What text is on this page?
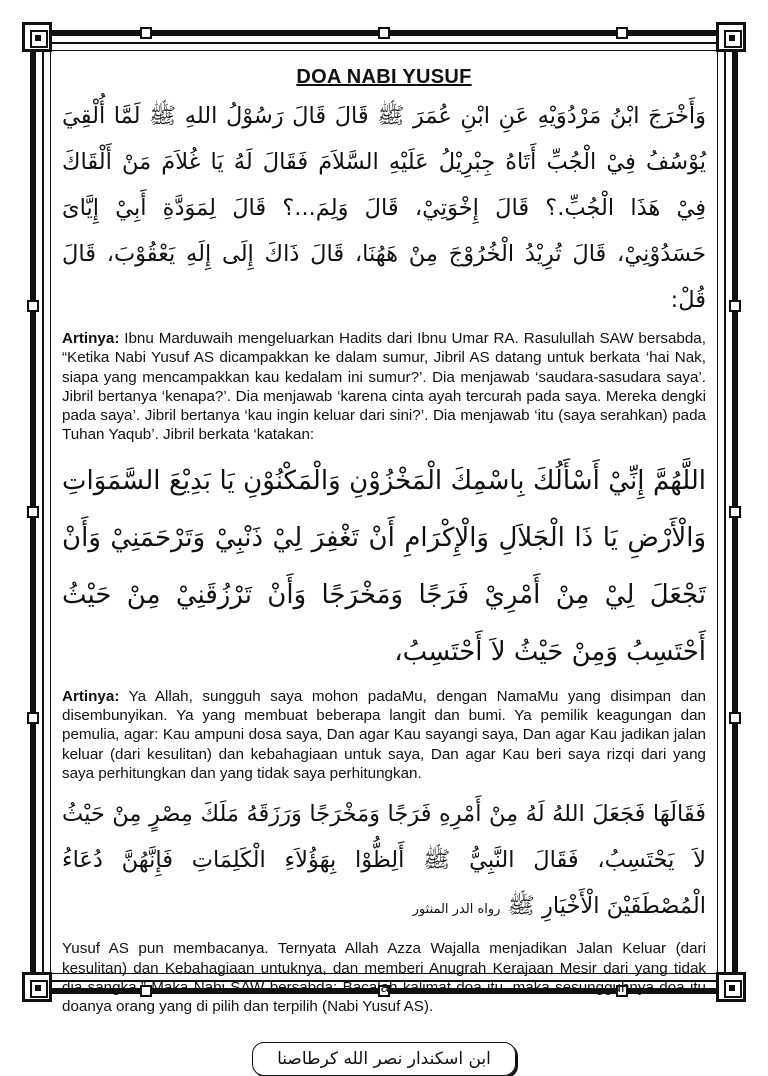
DOA NABI YUSUF

وَأَخْرَجَ ابْنُ مَرْدُوَيْهِ عَنِ ابْنِ عُمَرَ ﷺ قَالَ قَالَ رَسُوْلُ اللهِ ﷺ لَمَّا أُلْقِيَ يُوْسُفُ فِيْ الْجُبِّ أَتَاهُ جِبْرِيْلُ عَلَيْهِ السَّلاَمَ فَقَالَ لَهُ يَا غُلاَمَ مَنْ أَلْقَاكَ فِيْ هَذَا الْجُبِّ.؟ قَالَ إِخْوَتِيْ، قَالَ وَلِمَ...؟ قَالَ لِمَوَدَّةِ أَبِيْ إِيَّاىَ حَسَدُوْنِيْ، قَالَ تُرِيْدُ الْخُرُوْجَ مِنْ هَهُنَا، قَالَ ذَاكَ إِلَى إِلَهِ يَعْقُوْبَ، قَالَ قُلْ:

Artinya: Ibnu Marduwaih mengeluarkan Hadits dari Ibnu Umar RA. Rasulullah SAW bersabda, “Ketika Nabi Yusuf AS dicampakkan ke dalam sumur, Jibril AS datang untuk berkata ‘hai Nak, siapa yang mencampakkan kau kedalam ini sumur?’. Dia menjawab ‘saudara-sasudara saya’. Jibril bertanya ‘kenapa?’. Dia menjawab ‘karena cinta ayah tercurah pada saya. Mereka dengki pada saya’. Jibril bertanya ‘kau ingin keluar dari sini?’. Dia menjawab ‘itu (saya serahkan) pada Tuhan Yaqub’. Jibril berkata ‘katakan:

اللَّهُمَّ إِنِّيْ أَسْأَلُكَ بِاسْمِكَ الْمَخْزُوْنِ وَالْمَكْنُوْنِ يَا بَدِيْعَ السَّمَوَاتِ وَالْأَرْضِ يَا ذَا الْجَلاَلِ وَالْإِكْرَامِ أَنْ تَغْفِرَ لِيْ ذَنْبِيْ وَتَرْحَمَنِيْ وَأَنْ تَجْعَلَ لِيْ مِنْ أَمْرِيْ فَرَجًا وَمَخْرَجًا وَأَنْ تَرْزُقَنِيْ مِنْ حَيْثُ أَحْتَسِبُ وَمِنْ حَيْثُ لاَ أَحْتَسِبُ،

Artinya: Ya Allah, sungguh saya mohon padaMu, dengan NamaMu yang disimpan dan disembunyikan. Ya yang membuat beberapa langit dan bumi. Ya pemilik keagungan dan pemulia, agar: Kau ampuni dosa saya, Dan agar Kau sayangi saya, Dan agar Kau jadikan jalan keluar (dari kesulitan) dan kebahagiaan untuk saya, Dan agar Kau beri saya rizqi dari yang saya perhitungkan dan yang tidak saya perhitungkan.

فَقَالَهَا فَجَعَلَ اللهُ لَهُ مِنْ أَمْرِهِ فَرَجًا وَمَخْرَجًا وَرَزَقَهُ مَلَكَ مِصْرٍ مِنْ حَيْثُ لاَ يَحْتَسِبُ، فَقَالَ النَّبِيُّ ﷺ أَلِظُّوْا بِهَؤُلاَءِ الْكَلِمَاتِ فَإِنَّهُنَّ دُعَاءُ الْمُصْطَفَيْنَ الْأَخْيَارِ ﷺ رواه الدر المنثور

Yusuf AS pun membacanya. Ternyata Allah Azza Wajalla menjadikan Jalan Keluar (dari kesulitan) dan Kebahagiaan untuknya, dan memberi Anugrah Kerajaan Mesir dari yang tidak dia sangka.” Maka Nabi SAW bersabda: Bacalah kalimat doa itu, maka sesungguhnya doa itu doanya orang yang di pilih dan terpilih (Nabi Yusuf AS).

ابن اسكندار نصر الله كرطاصنا
